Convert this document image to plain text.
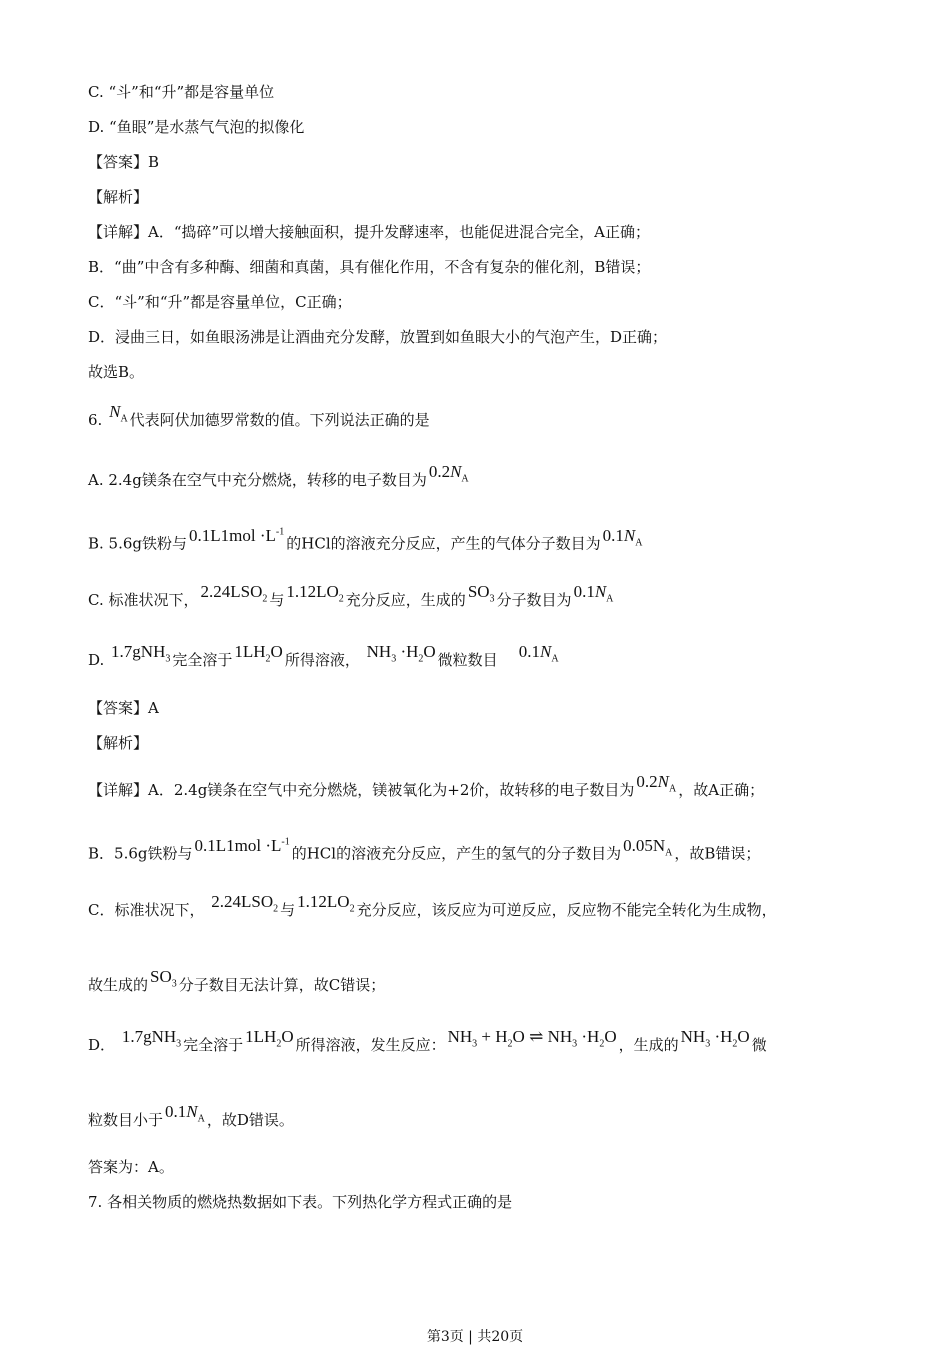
C. “斗”和“升”都是容量单位
D. “鱼眼”是水蒸气气泡的拟像化
【答案】B
【解析】
【详解】A．“捣碎”可以增大接触面积，提升发酵速率，也能促进混合完全，A正确；
B．“曲”中含有多种酶、细菌和真菌，具有催化作用，不含有复杂的催化剂，B错误；
C．“斗”和“升”都是容量单位，C正确；
D．浸曲三日，如鱼眼汤沸是让酒曲充分发酵，放置到如鱼眼大小的气泡产生，D正确；
故选B。
6. $N_A$ 代表阿伏加德罗常数的值。下列说法正确的是
A. 2.4g镁条在空气中充分燃烧，转移的电子数目为 $0.2N_A$
B. 5.6g铁粉与 $0.1L1mol \cdot L^{-1}$的HCl的溶液充分反应，产生的气体分子数目为 $0.1N_A$
C. 标准状况下， $2.24LSO_2$ 与 $1.12LO_2$ 充分反应，生成的 $SO_3$ 分子数目为 $0.1N_A$
D. 1.7gNH$_3$ 完全溶于 $1LH_2O$ 所得溶液， $NH_3 \cdot H_2O$ 微粒数目 $0.1N_A$
【答案】A
【解析】
【详解】A．2.4g镁条在空气中充分燃烧，镁被氧化为+2价，故转移的电子数目为 $0.2N_A$ ，故A正确；
B．5.6g铁粉与 $0.1L1mol \cdot L^{-1}$的HCl的溶液充分反应，产生的氢气的分子数目为 $0.05N_A$ ，故B错误；
C．标准状况下， $2.24LSO_2$ 与 $1.12LO_2$ 充分反应，该反应为可逆反应，反应物不能完全转化为生成物，
故生成的 $SO_3$ 分子数目无法计算，故C错误；
D． 1.7gNH$_3$ 完全溶于 $1LH_2O$ 所得溶液，发生反应： $NH_3 + H_2O$ ⇌ $NH_3 \cdot H_2O$ ，生成的 $NH_3 \cdot H_2O$ 微
粒数目小于 $0.1N_A$ ，故D错误。
答案为：A。
7. 各相关物质的燃烧热数据如下表。下列热化学方程式正确的是
第3页 | 共20页
